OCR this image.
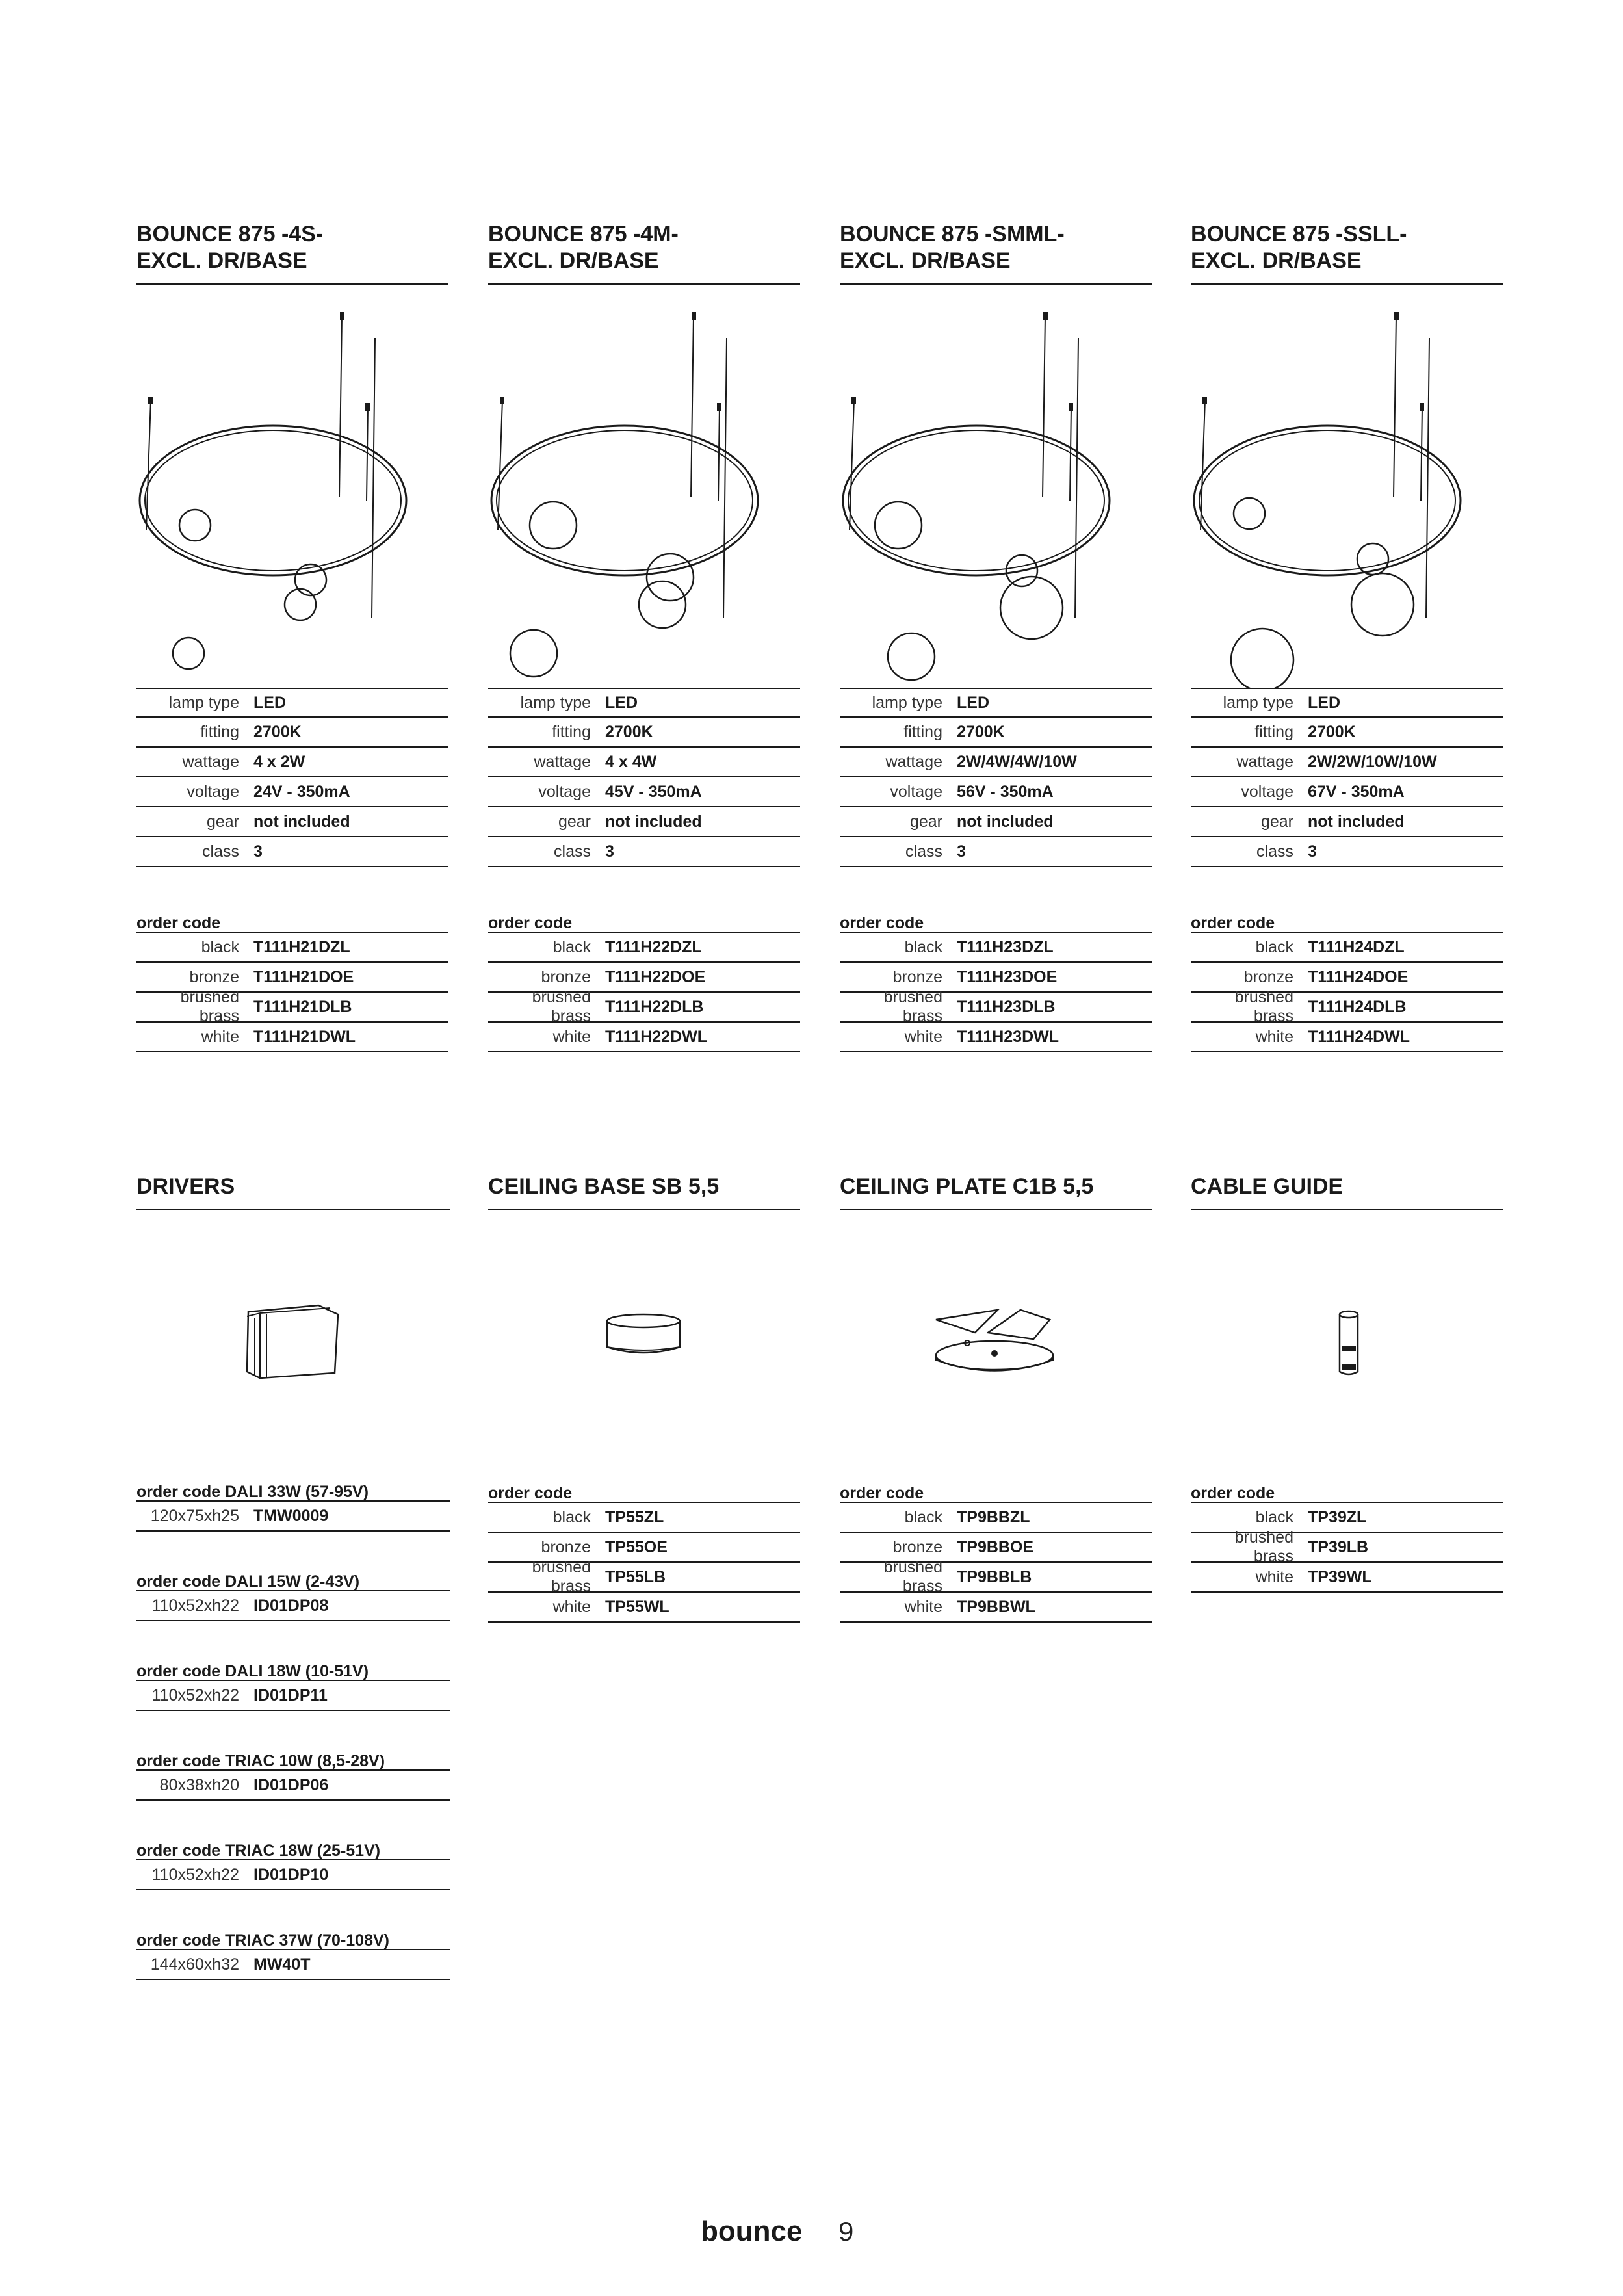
BOUNCE 875 -4S-
EXCL. DR/BASE
lamp type LED
fitting 2700K
wattage 4 x 2W
voltage 24V - 350mA
gear not included
class 3
order code
black T111H21DZL
bronze T111H21DOE
brushed brass
T111H21DLB
white T111H21DWL
BOUNCE 875 -4M-
EXCL. DR/BASE
lamp type LED
fitting 2700K
wattage 4 x 4W
voltage 45V - 350mA
gear not included
class 3
order code
black T111H22DZL
bronze T111H22DOE
brushed brass
T111H22DLB
white T111H22DWL
BOUNCE 875 -SMML-
EXCL. DR/BASE
lamp type LED
fitting 2700K
wattage 2W/4W/4W/10W
voltage 56V - 350mA
gear not included
class 3
order code
black T111H23DZL
bronze T111H23DOE
brushed brass
T111H23DLB
white T111H23DWL
BOUNCE 875 -SSLL-
EXCL. DR/BASE
lamp type LED
fitting 2700K
wattage 2W/2W/10W/10W
voltage 67V - 350mA
gear not included
class 3
order code
black T111H24DZL
bronze T111H24DOE
brushed brass
T111H24DLB
white T111H24DWL
DRIVERS
order code DALI 33W (57-95V)
120x75xh25 TMW0009
order code DALI 15W (2-43V)
110x52xh22 ID01DP08
order code DALI 18W (10-51V)
110x52xh22 ID01DP11
order code TRIAC 10W (8,5-28V)
80x38xh20 ID01DP06
order code TRIAC 18W (25-51V)
110x52xh22 ID01DP10
order code TRIAC 37W (70-108V)
144x60xh32 MW40T
CEILING BASE SB 5,5
order code
black TP55ZL
bronze TP55OE
brushed brass
TP55LB
white TP55WL
CEILING PLATE C1B 5,5
order code
black TP9BBZL
bronze TP9BBOE
brushed brass
TP9BBLB
white TP9BBWL
CABLE GUIDE
order code
black TP39ZL
brushed brass
TP39LB
white TP39WL
bounce 9
